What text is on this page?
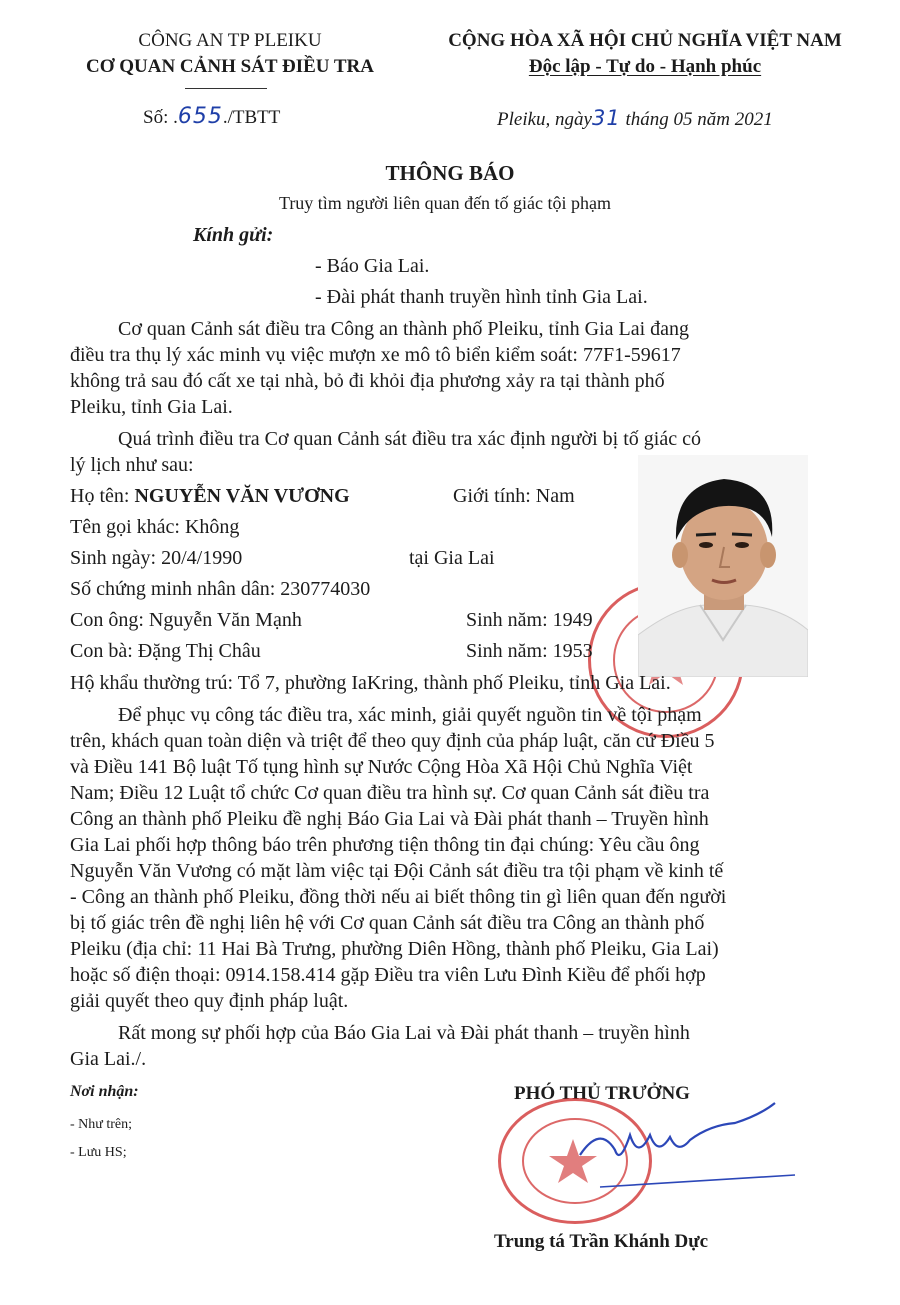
CÔNG AN TP PLEIKU
CƠ QUAN CẢNH SÁT ĐIỀU TRA
CỘNG HÒA XÃ HỘI CHỦ NGHĨA VIỆT NAM
Độc lập - Tự do - Hạnh phúc
Số: .655./TBTT	Pleiku, ngày31 tháng 05 năm 2021
THÔNG BÁO
Truy tìm người liên quan đến tố giác tội phạm
Kính gửi:
- Báo Gia Lai.
- Đài phát thanh truyền hình tỉnh Gia Lai.
Cơ quan Cảnh sát điều tra Công an thành phố Pleiku, tỉnh Gia Lai đang
điều tra thụ lý xác minh vụ việc mượn xe mô tô biển kiểm soát: 77F1-59617
không trả sau đó cất xe tại nhà, bỏ đi khỏi địa phương xảy ra tại thành phố
Pleiku, tỉnh Gia Lai.
Quá trình điều tra Cơ quan Cảnh sát điều tra xác định người bị tố giác có
lý lịch như sau:
Họ tên: NGUYỄN VĂN VƯƠNG	Giới tính: Nam
Tên gọi khác: Không
Sinh ngày: 20/4/1990	tại Gia Lai
Số chứng minh nhân dân: 230774030
Con ông: Nguyễn Văn Mạnh	Sinh năm: 1949
Con bà: Đặng Thị Châu	Sinh năm: 1953
Hộ khẩu thường trú: Tổ 7, phường IaKring, thành phố Pleiku, tỉnh Gia Lai.
Để phục vụ công tác điều tra, xác minh, giải quyết nguồn tin về tội phạm
trên, khách quan toàn diện và triệt để theo quy định của pháp luật, căn cứ Điều 5
và Điều 141 Bộ luật Tố tụng hình sự Nước Cộng Hòa Xã Hội Chủ Nghĩa Việt
Nam; Điều 12 Luật tổ chức Cơ quan điều tra hình sự. Cơ quan Cảnh sát điều tra
Công an thành phố Pleiku đề nghị Báo Gia Lai và Đài phát thanh – Truyền hình
Gia Lai phối hợp thông báo trên phương tiện thông tin đại chúng: Yêu cầu ông
Nguyễn Văn Vương có mặt làm việc tại Đội Cảnh sát điều tra tội phạm về kinh tế
- Công an thành phố Pleiku, đồng thời nếu ai biết thông tin gì liên quan đến người
bị tố giác trên đề nghị liên hệ với Cơ quan Cảnh sát điều tra Công an thành phố
Pleiku (địa chỉ: 11 Hai Bà Trưng, phường Diên Hồng, thành phố Pleiku, Gia Lai)
hoặc số điện thoại: 0914.158.414 gặp Điều tra viên Lưu Đình Kiều để phối hợp
giải quyết theo quy định pháp luật.
Rất mong sự phối hợp của Báo Gia Lai và Đài phát thanh – truyền hình
Gia Lai./.
Nơi nhận:
- Như trên;
- Lưu HS;
PHÓ THỦ TRƯỞNG
Trung tá Trần Khánh Dực
